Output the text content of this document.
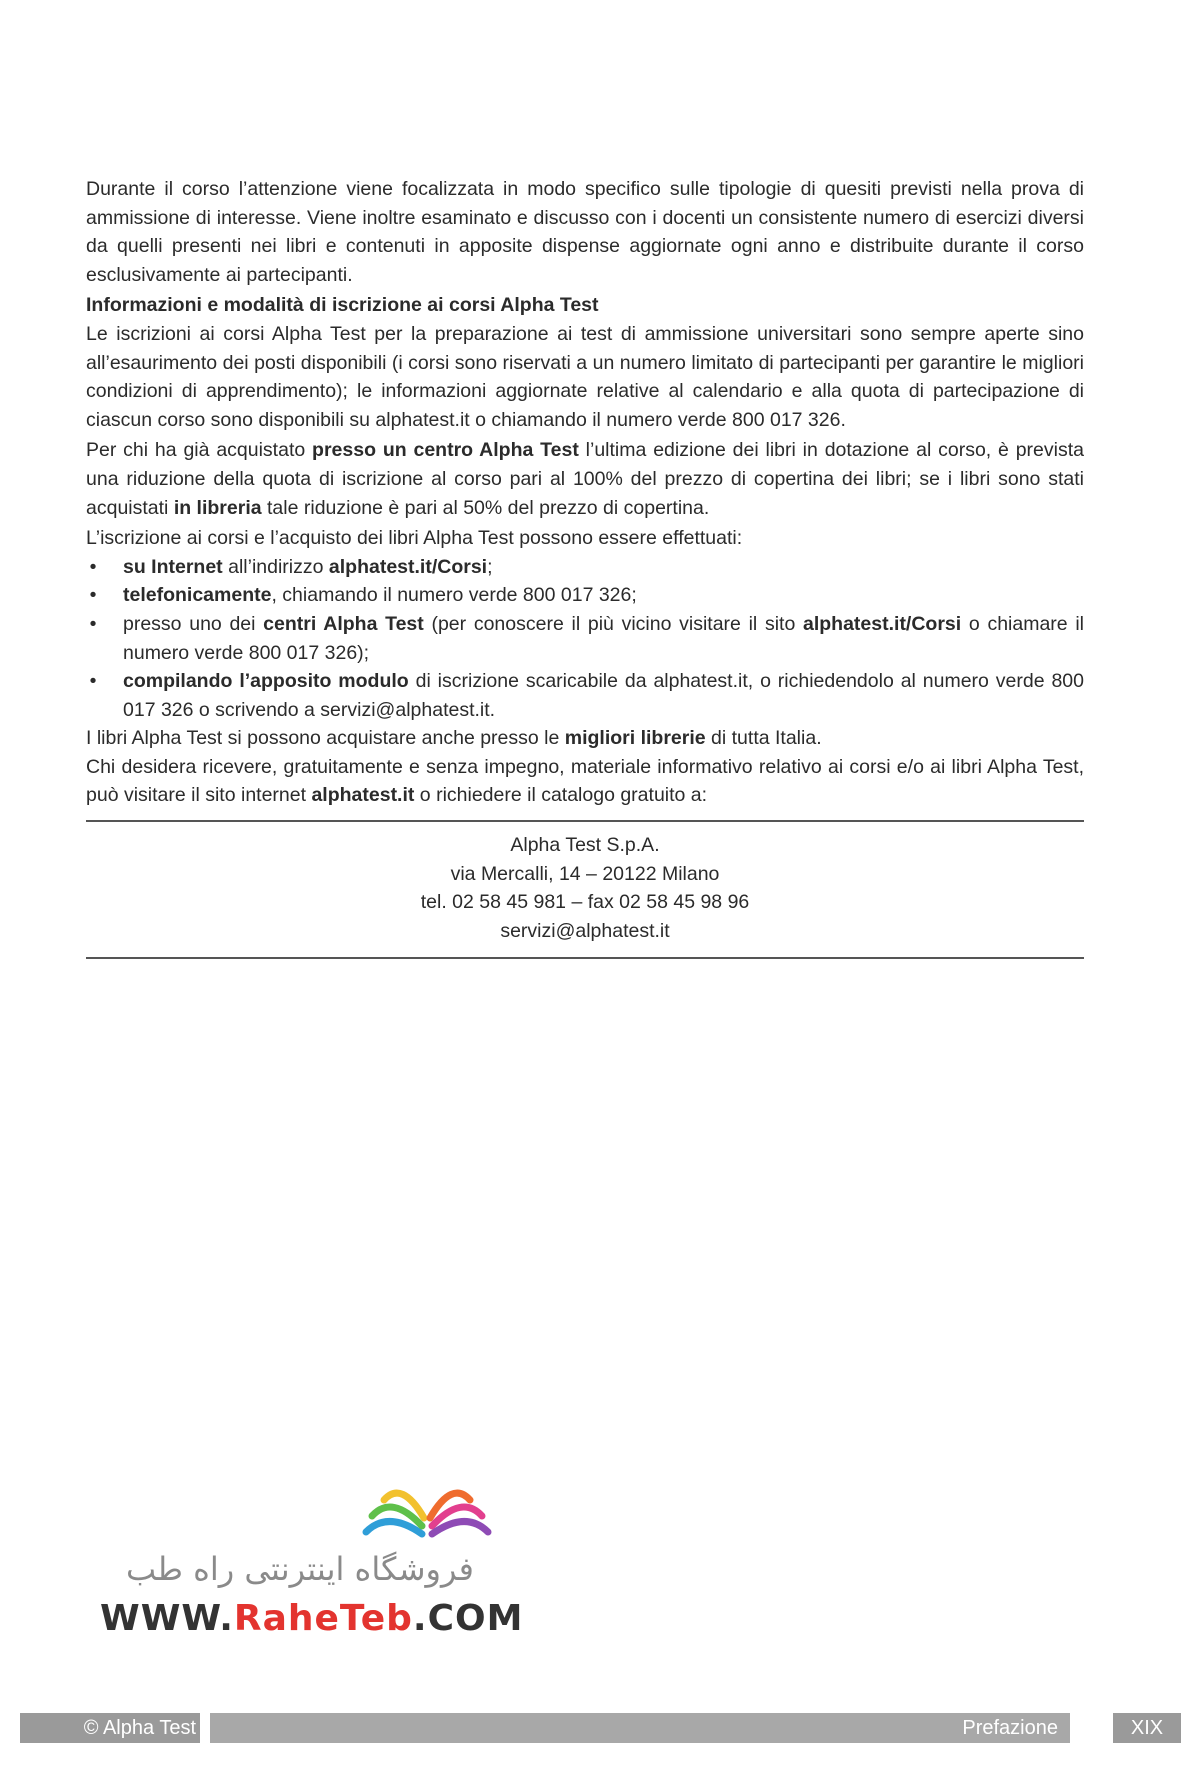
Durante il corso l’attenzione viene focalizzata in modo specifico sulle tipologie di quesiti previsti nella prova di ammissione di interesse. Viene inoltre esaminato e discusso con i docenti un consistente numero di esercizi diversi da quelli presenti nei libri e contenuti in apposite dispense aggiornate ogni anno e distribuite durante il corso esclusivamente ai partecipanti.

Informazioni e modalità di iscrizione ai corsi Alpha Test

Le iscrizioni ai corsi Alpha Test per la preparazione ai test di ammissione universitari sono sempre aperte sino all’esaurimento dei posti disponibili (i corsi sono riservati a un numero limitato di partecipanti per garantire le migliori condizioni di apprendimento); le informazioni aggiornate relative al calendario e alla quota di partecipazione di ciascun corso sono disponibili su alphatest.it o chiamando il numero verde 800 017 326.

Per chi ha già acquistato presso un centro Alpha Test l’ultima edizione dei libri in dotazione al corso, è prevista una riduzione della quota di iscrizione al corso pari al 100% del prezzo di copertina dei libri; se i libri sono stati acquistati in libreria tale riduzione è pari al 50% del prezzo di copertina.

L’iscrizione ai corsi e l’acquisto dei libri Alpha Test possono essere effettuati:

• su Internet all’indirizzo alphatest.it/Corsi;
• telefonicamente, chiamando il numero verde 800 017 326;
• presso uno dei centri Alpha Test (per conoscere il più vicino visitare il sito alphatest.it/Corsi o chiamare il numero verde 800 017 326);
• compilando l’apposito modulo di iscrizione scaricabile da alphatest.it, o richiedendolo al numero verde 800 017 326 o scrivendo a servizi@alphatest.it.

I libri Alpha Test si possono acquistare anche presso le migliori librerie di tutta Italia.

Chi desidera ricevere, gratuitamente e senza impegno, materiale informativo relativo ai corsi e/o ai libri Alpha Test, può visitare il sito internet alphatest.it o richiedere il catalogo gratuito a:

Alpha Test S.p.A.
via Mercalli, 14 – 20122 Milano
tel. 02 58 45 981 – fax 02 58 45 98 96
servizi@alphatest.it
فروشگاه اینترنتی راه طب
WWW.RaheTeb.COM
© Alpha Test	Prefazione	XIX
